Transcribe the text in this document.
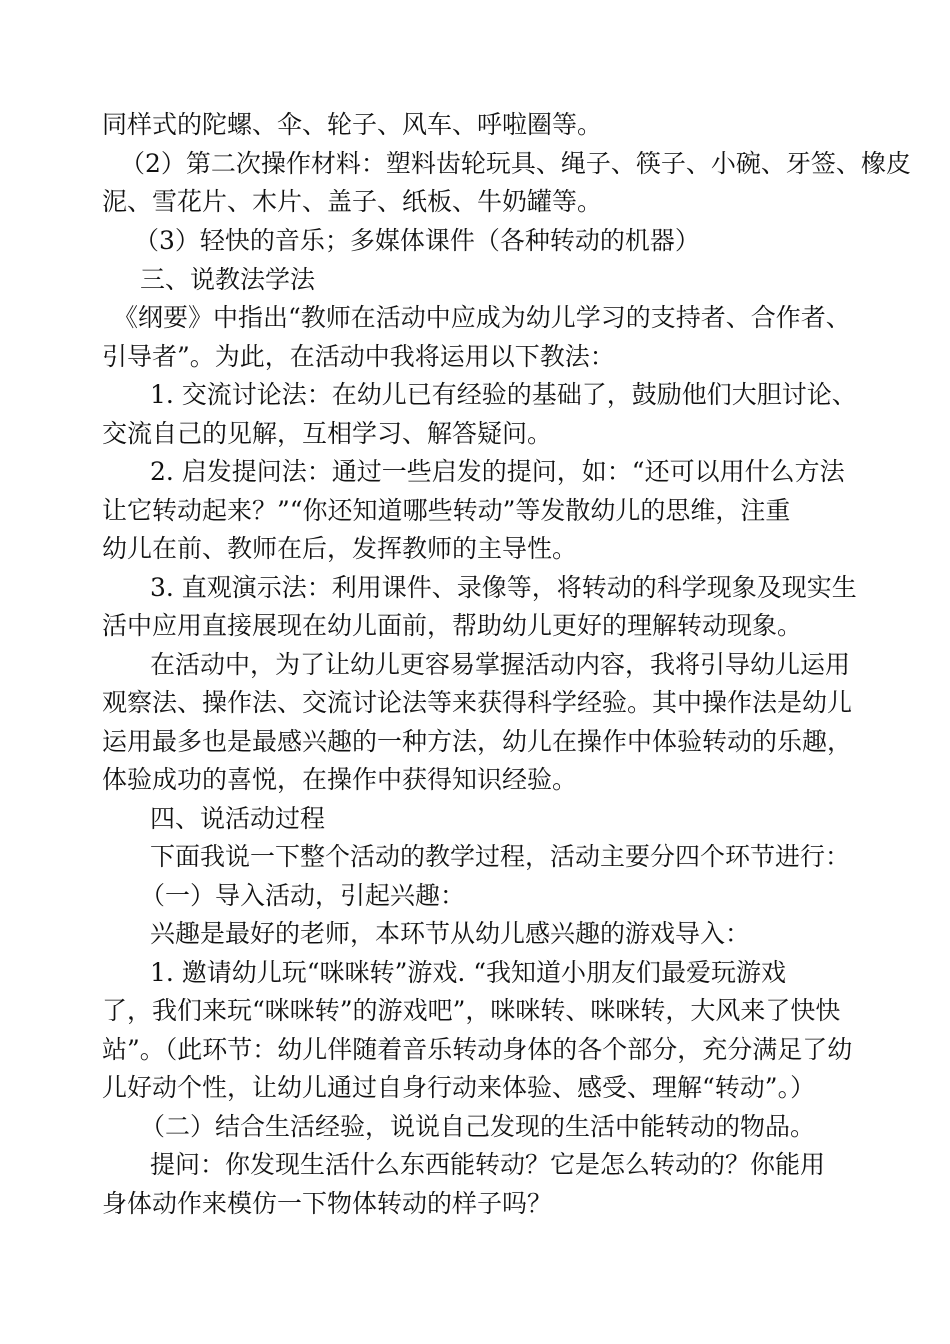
同样式的陀螺、伞、轮子、风车、呼啦圈等。
（2）第二次操作材料：塑料齿轮玩具、绳子、筷子、小碗、牙签、橡皮
泥、雪花片、木片、盖子、纸板、牛奶罐等。
（3）轻快的音乐；多媒体课件（各种转动的机器）
三、说教法学法
《纲要》中指出“教师在活动中应成为幼儿学习的支持者、合作者、
引导者”。为此，在活动中我将运用以下教法：
1. 交流讨论法：在幼儿已有经验的基础了，鼓励他们大胆讨论、
交流自己的见解，互相学习、解答疑问。
2. 启发提问法：通过一些启发的提问，如：“还可以用什么方法
让它转动起来？”“你还知道哪些转动”等发散幼儿的思维，注重
幼儿在前、教师在后，发挥教师的主导性。
3. 直观演示法：利用课件、录像等，将转动的科学现象及现实生
活中应用直接展现在幼儿面前，帮助幼儿更好的理解转动现象。
在活动中，为了让幼儿更容易掌握活动内容，我将引导幼儿运用
观察法、操作法、交流讨论法等来获得科学经验。其中操作法是幼儿
运用最多也是最感兴趣的一种方法，幼儿在操作中体验转动的乐趣，
体验成功的喜悦，在操作中获得知识经验。
四、说活动过程
下面我说一下整个活动的教学过程，活动主要分四个环节进行：
（一）导入活动，引起兴趣：
兴趣是最好的老师，本环节从幼儿感兴趣的游戏导入：
1. 邀请幼儿玩“咪咪转”游戏. “我知道小朋友们最爱玩游戏
了，我们来玩“咪咪转”的游戏吧”，咪咪转、咪咪转，大风来了快快
站”。（此环节：幼儿伴随着音乐转动身体的各个部分，充分满足了幼
儿好动个性，让幼儿通过自身行动来体验、感受、理解“转动”。）
（二）结合生活经验，说说自己发现的生活中能转动的物品。
提问：你发现生活什么东西能转动？它是怎么转动的？你能用
身体动作来模仿一下物体转动的样子吗？
